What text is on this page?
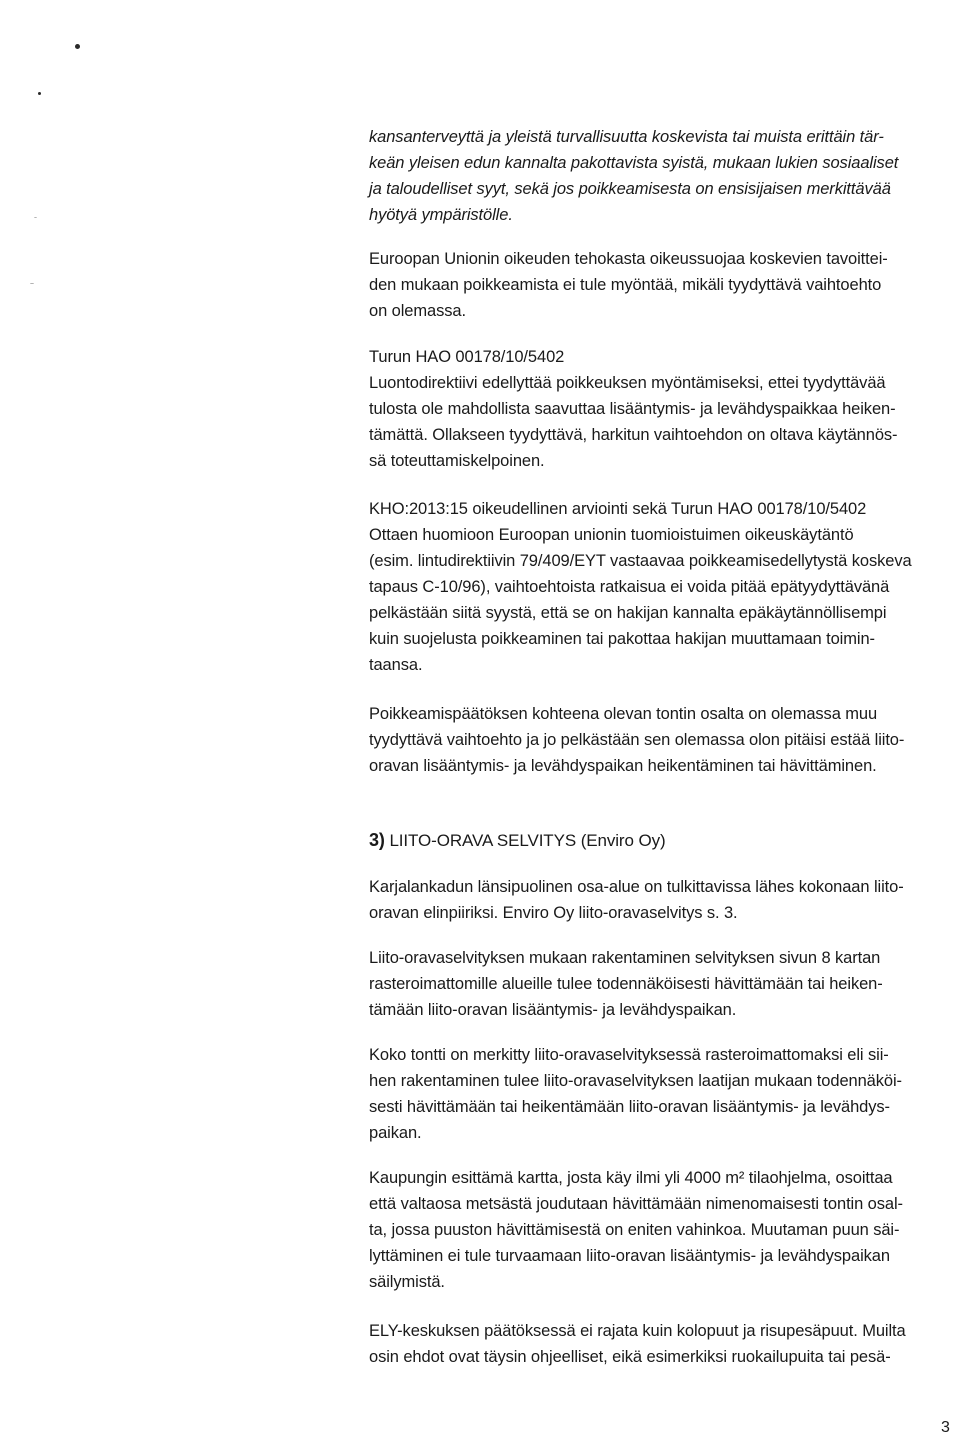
kansanterveyttä ja yleistä turvallisuutta koskevista tai muista erittäin tär-
keän yleisen edun kannalta pakottavista syistä, mukaan lukien sosiaaliset
ja taloudelliset syyt, sekä jos poikkeamisesta on ensisijaisen merkittävää
hyötyä ympäristölle.

Euroopan Unionin oikeuden tehokasta oikeussuojaa koskevien tavoittei-
den mukaan poikkeamista ei tule myöntää, mikäli tyydyttävä vaihtoehto
on olemassa.

Turun HAO 00178/10/5402

Luontodirektiivi edellyttää poikkeuksen myöntämiseksi, ettei tyydyttävää
tulosta ole mahdollista saavuttaa lisääntymis- ja levähdyspaikkaa heiken-
tämättä. Ollakseen tyydyttävä, harkitun vaihtoehdon on oltava käytännös-
sä toteuttamiskelpoinen.

KHO:2013:15 oikeudellinen arviointi sekä Turun HAO 00178/10/5402

Ottaen huomioon Euroopan unionin tuomioistuimen oikeuskäytäntö
(esim. lintudirektiivin 79/409/EYT vastaavaa poikkeamisedellytystä koskeva
tapaus C-10/96), vaihtoehtoista ratkaisua ei voida pitää epätyydyttävänä
pelkästään siitä syystä, että se on hakijan kannalta epäkäytännöllisempi
kuin suojelusta poikkeaminen tai pakottaa hakijan muuttamaan toimin-
taansa.

Poikkeamispäätöksen kohteena olevan tontin osalta on olemassa muu
tyydyttävä vaihtoehto ja jo pelkästään sen olemassa olon pitäisi estää liito-
oravan lisääntymis- ja levähdyspaikan heikentäminen tai hävittäminen.

3) LIITO-ORAVA SELVITYS (Enviro Oy)

Karjalankadun länsipuolinen osa-alue on tulkittavissa lähes kokonaan liito-
oravan elinpiiriksi. Enviro Oy liito-oravaselvitys s. 3.

Liito-oravaselvityksen mukaan rakentaminen selvityksen sivun 8 kartan
rasteroimattomille alueille tulee todennäköisesti hävittämään tai heiken-
tämään liito-oravan lisääntymis- ja levähdyspaikan.

Koko tontti on merkitty liito-oravaselvityksessä rasteroimattomaksi eli sii-
hen rakentaminen tulee liito-oravaselvityksen laatijan mukaan todennäköi-
sesti hävittämään tai heikentämään liito-oravan lisääntymis- ja levähdys-
paikan.

Kaupungin esittämä kartta, josta käy ilmi yli 4000 m² tilaohjelma, osoittaa
että valtaosa metsästä joudutaan hävittämään nimenomaisesti tontin osal-
ta, jossa puuston hävittämisestä on eniten vahinkoa. Muutaman puun säi-
lyttäminen ei tule turvaamaan liito-oravan lisääntymis- ja levähdyspaikan
säilymistä.

ELY-keskuksen päätöksessä ei rajata kuin kolopuut ja risupesäpuut. Muilta
osin ehdot ovat täysin ohjeelliset, eikä esimerkiksi ruokailupuita tai pesä-

3
